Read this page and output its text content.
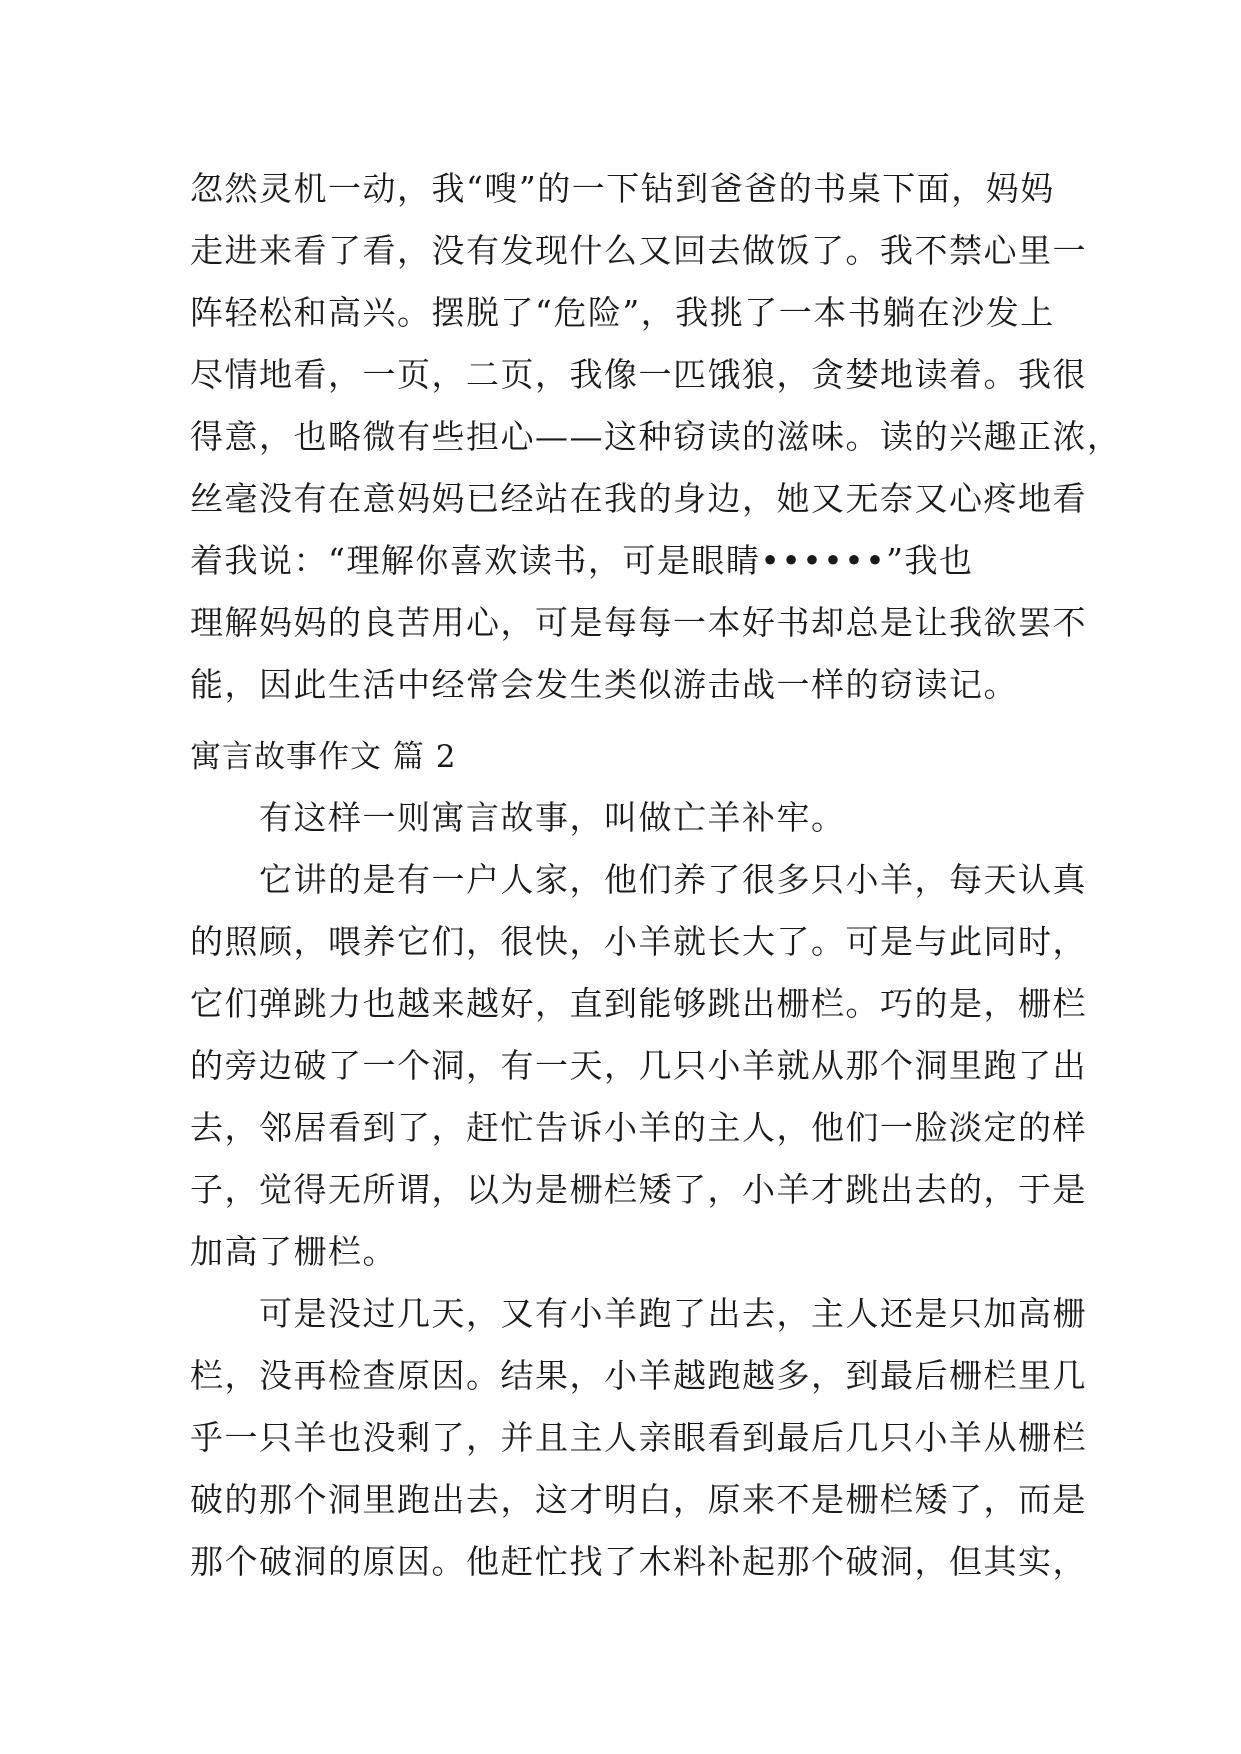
忽然灵机一动，我“嗖”的一下钻到爸爸的书桌下面，妈妈

走进来看了看，没有发现什么又回去做饭了。我不禁心里一

阵轻松和高兴。摆脱了“危险”，我挑了一本书躺在沙发上

尽情地看，一页，二页，我像一匹饿狼，贪婪地读着。我很

得意，也略微有些担心——这种窃读的滋味。读的兴趣正浓，

丝毫没有在意妈妈已经站在我的身边，她又无奈又心疼地看

着我说：“理解你喜欢读书，可是眼睛••••••”我也

理解妈妈的良苦用心，可是每每一本好书却总是让我欲罢不

能，因此生活中经常会发生类似游击战一样的窃读记。

寓言故事作文 篇 2

　　有这样一则寓言故事，叫做亡羊补牢。

　　它讲的是有一户人家，他们养了很多只小羊，每天认真

的照顾，喂养它们，很快，小羊就长大了。可是与此同时，

它们弹跳力也越来越好，直到能够跳出栅栏。巧的是，栅栏

的旁边破了一个洞，有一天，几只小羊就从那个洞里跑了出

去，邻居看到了，赶忙告诉小羊的主人，他们一脸淡定的样

子，觉得无所谓，以为是栅栏矮了，小羊才跳出去的，于是

加高了栅栏。

　　可是没过几天，又有小羊跑了出去，主人还是只加高栅

栏，没再检查原因。结果，小羊越跑越多，到最后栅栏里几

乎一只羊也没剩了，并且主人亲眼看到最后几只小羊从栅栏

破的那个洞里跑出去，这才明白，原来不是栅栏矮了，而是

那个破洞的原因。他赶忙找了木料补起那个破洞，但其实，
